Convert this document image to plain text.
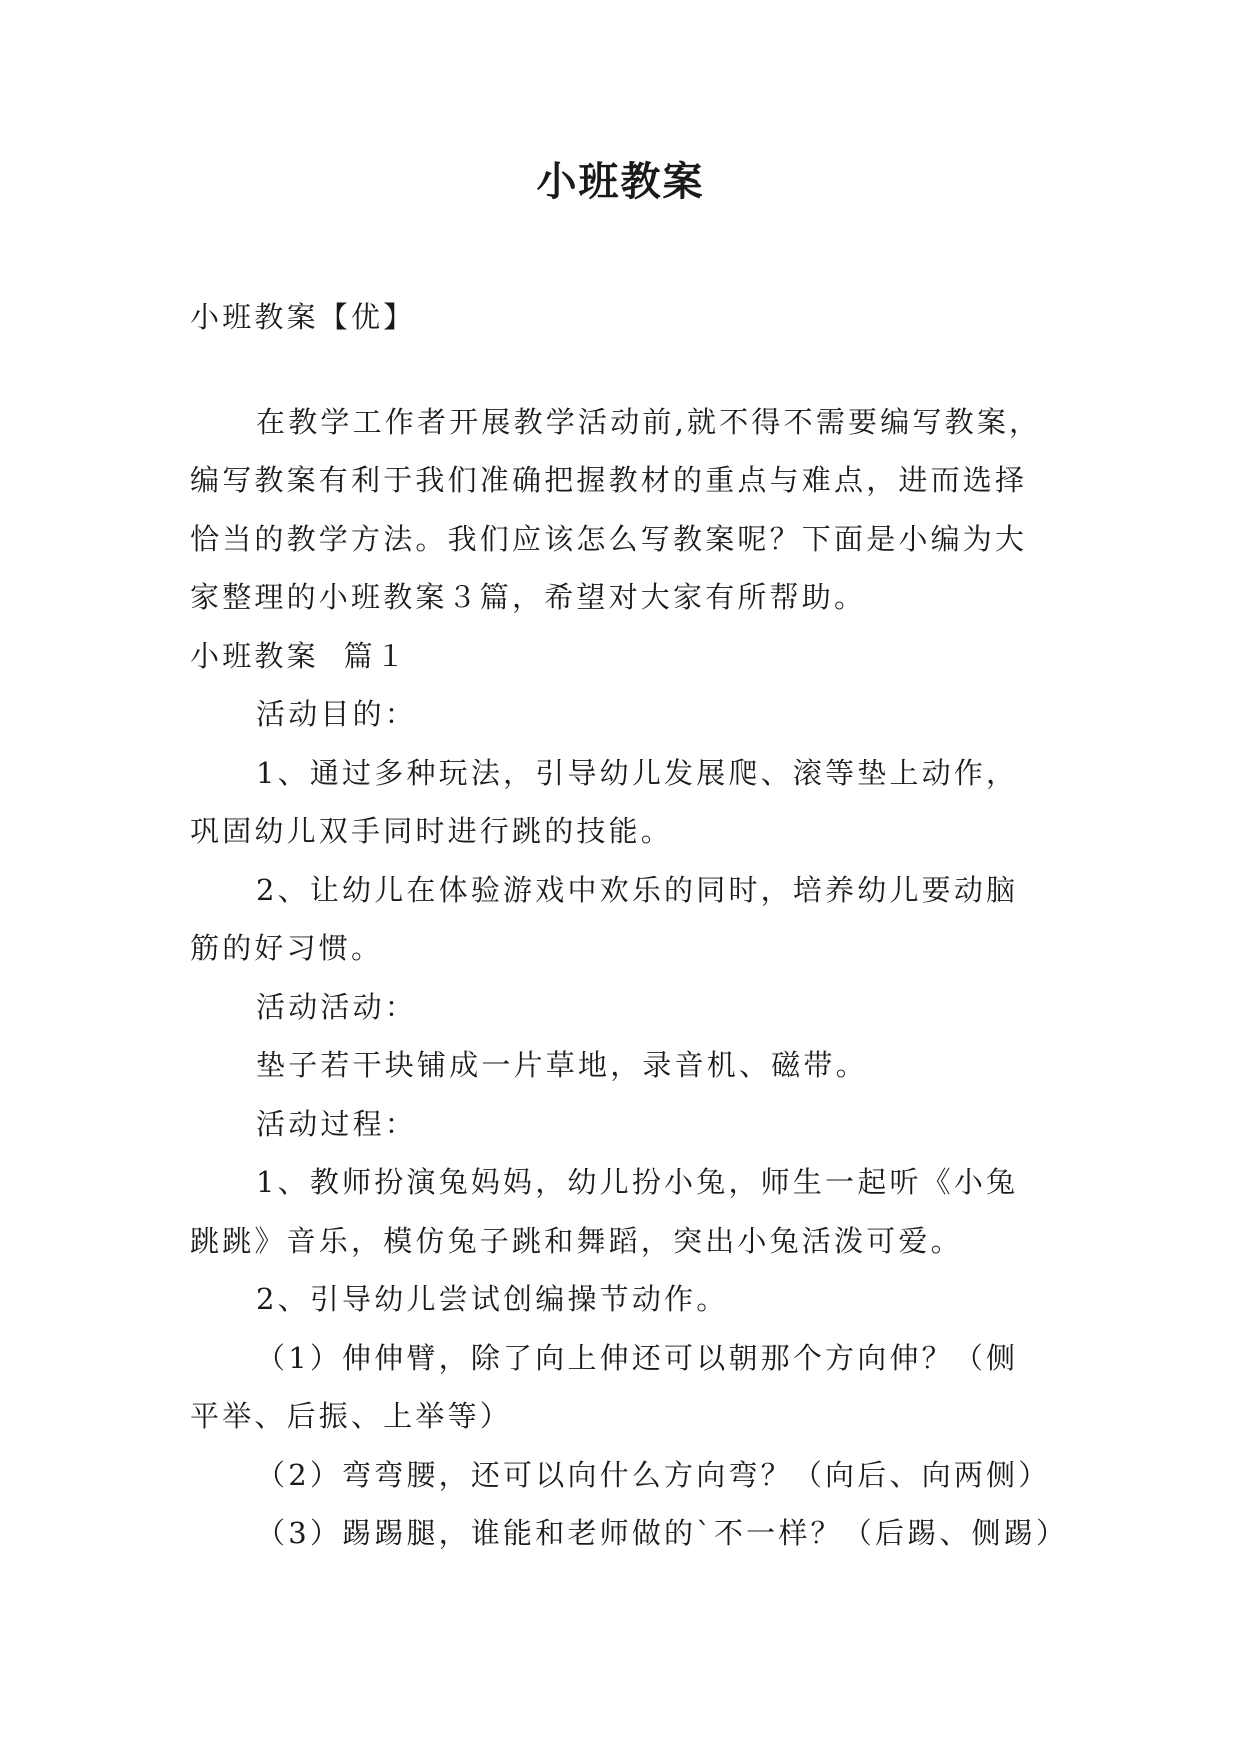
小班教案
小班教案【优】
在教学工作者开展教学活动前,就不得不需要编写教案，
编写教案有利于我们准确把握教材的重点与难点，进而选择
恰当的教学方法。我们应该怎么写教案呢？下面是小编为大
家整理的小班教案３篇，希望对大家有所帮助。
小班教案  篇１
活动目的：
1、通过多种玩法，引导幼儿发展爬、滚等垫上动作，
巩固幼儿双手同时进行跳的技能。
2、让幼儿在体验游戏中欢乐的同时，培养幼儿要动脑
筋的好习惯。
活动活动：
垫子若干块铺成一片草地，录音机、磁带。
活动过程：
1、教师扮演兔妈妈，幼儿扮小兔，师生一起听《小兔
跳跳》音乐，模仿兔子跳和舞蹈，突出小兔活泼可爱。
2、引导幼儿尝试创编操节动作。
（1）伸伸臂，除了向上伸还可以朝那个方向伸？（侧
平举、后振、上举等）
（2）弯弯腰，还可以向什么方向弯？（向后、向两侧）
（3）踢踢腿，谁能和老师做的`不一样？（后踢、侧踢）
